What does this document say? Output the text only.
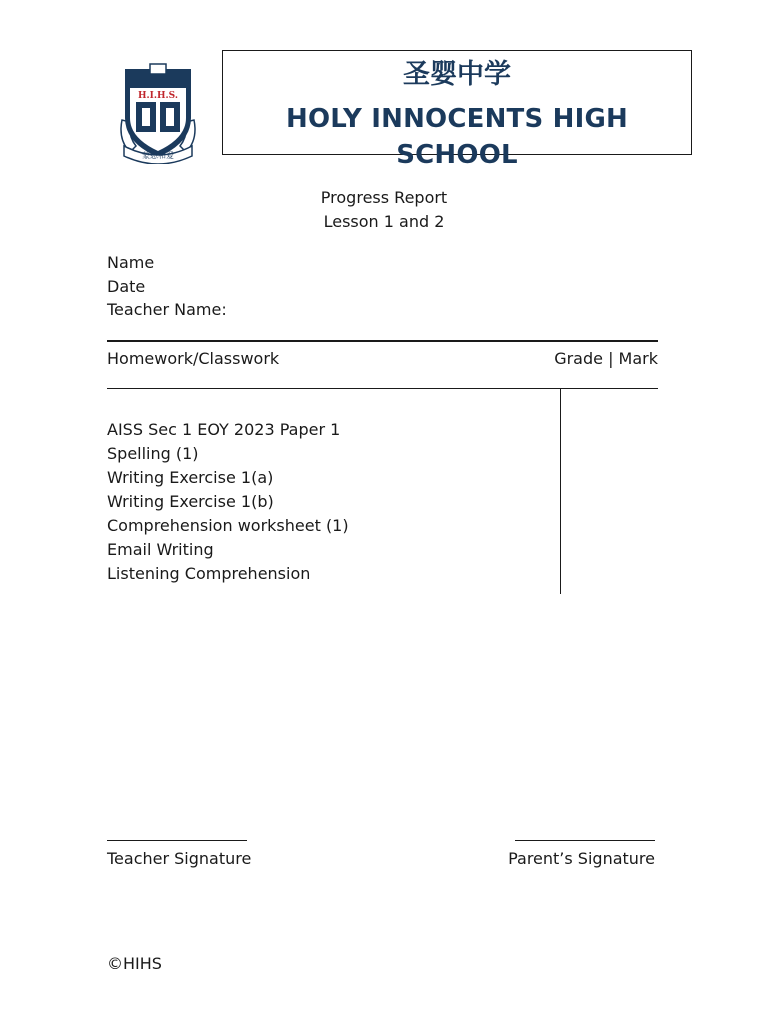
H.I.H.S.
蒙恩和爱
圣婴中学
HOLY INNOCENTS HIGH SCHOOL
Progress Report
Lesson 1 and 2
Name
Date
Teacher Name:
Homework/Classwork	Grade | Mark
AISS Sec 1 EOY 2023 Paper 1
Spelling (1)
Writing Exercise 1(a)
Writing Exercise 1(b)
Comprehension worksheet (1)
Email Writing
Listening Comprehension
Teacher Signature	Parent’s Signature
©HIHS
